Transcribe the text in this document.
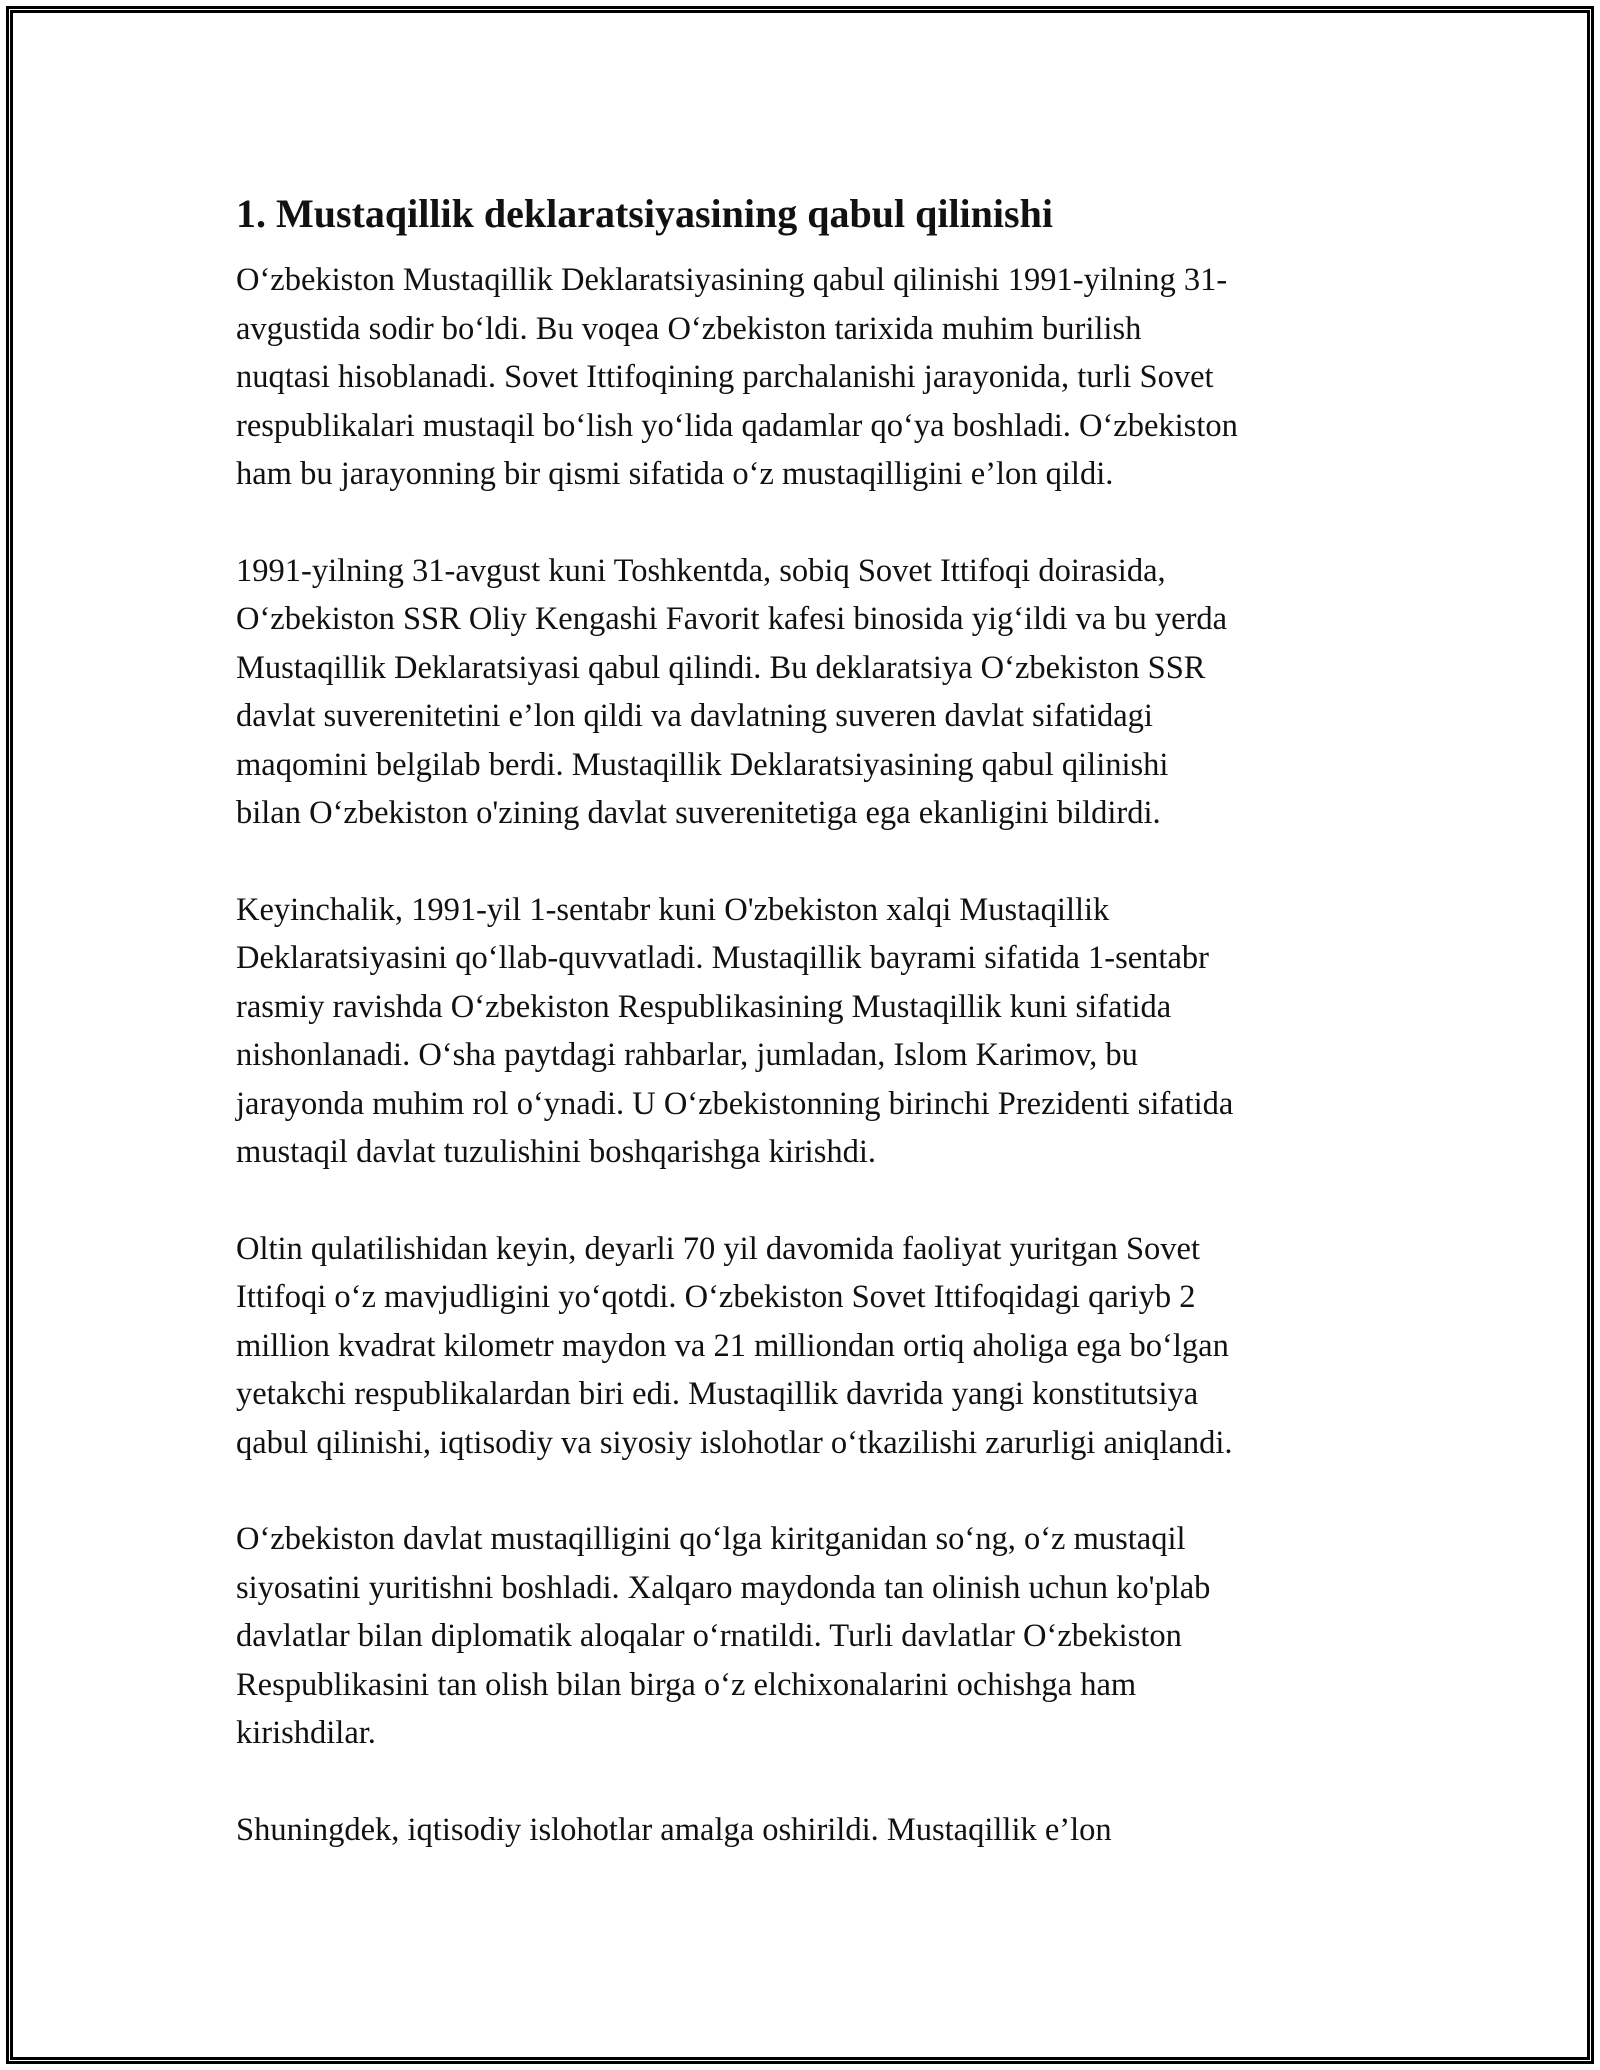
1. Mustaqillik deklaratsiyasining qabul qilinishi

O‘zbekiston Mustaqillik Deklaratsiyasining qabul qilinishi 1991-yilning 31-
avgustida sodir bo‘ldi. Bu voqea O‘zbekiston tarixida muhim burilish
nuqtasi hisoblanadi. Sovet Ittifoqining parchalanishi jarayonida, turli Sovet
respublikalari mustaqil bo‘lish yo‘lida qadamlar qo‘ya boshladi. O‘zbekiston
ham bu jarayonning bir qismi sifatida o‘z mustaqilligini e’lon qildi.

1991-yilning 31-avgust kuni Toshkentda, sobiq Sovet Ittifoqi doirasida,
O‘zbekiston SSR Oliy Kengashi Favorit kafesi binosida yig‘ildi va bu yerda
Mustaqillik Deklaratsiyasi qabul qilindi. Bu deklaratsiya O‘zbekiston SSR
davlat suverenitetini e’lon qildi va davlatning suveren davlat sifatidagi
maqomini belgilab berdi. Mustaqillik Deklaratsiyasining qabul qilinishi
bilan O‘zbekiston o'zining davlat suverenitetiga ega ekanligini bildirdi.

Keyinchalik, 1991-yil 1-sentabr kuni O'zbekiston xalqi Mustaqillik
Deklaratsiyasini qo‘llab-quvvatladi. Mustaqillik bayrami sifatida 1-sentabr
rasmiy ravishda O‘zbekiston Respublikasining Mustaqillik kuni sifatida
nishonlanadi. O‘sha paytdagi rahbarlar, jumladan, Islom Karimov, bu
jarayonda muhim rol o‘ynadi. U O‘zbekistonning birinchi Prezidenti sifatida
mustaqil davlat tuzulishini boshqarishga kirishdi.

Oltin qulatilishidan keyin, deyarli 70 yil davomida faoliyat yuritgan Sovet
Ittifoqi o‘z mavjudligini yo‘qotdi. O‘zbekiston Sovet Ittifoqidagi qariyb 2
million kvadrat kilometr maydon va 21 milliondan ortiq aholiga ega bo‘lgan
yetakchi respublikalardan biri edi. Mustaqillik davrida yangi konstitutsiya
qabul qilinishi, iqtisodiy va siyosiy islohotlar o‘tkazilishi zarurligi aniqlandi.

O‘zbekiston davlat mustaqilligini qo‘lga kiritganidan so‘ng, o‘z mustaqil
siyosatini yuritishni boshladi. Xalqaro maydonda tan olinish uchun ko'plab
davlatlar bilan diplomatik aloqalar o‘rnatildi. Turli davlatlar O‘zbekiston
Respublikasini tan olish bilan birga o‘z elchixonalarini ochishga ham
kirishdilar.

Shuningdek, iqtisodiy islohotlar amalga oshirildi. Mustaqillik e’lon
